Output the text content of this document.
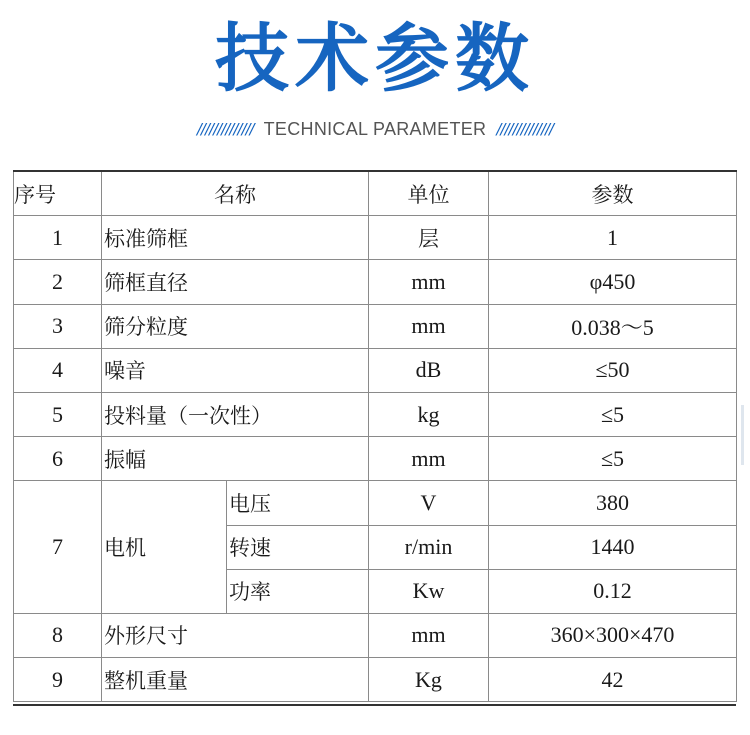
技术参数
////////////// TECHNICAL PARAMETER //////////////
序号	名称		单位	参数
1	标准筛框		层	1
2	筛框直径		mm	φ450
3	筛分粒度		mm	0.038～5
4	噪音		dB	≤50
5	投料量（一次性）		kg	≤5
6	振幅		mm	≤5
7	电机	电压	V	380
		转速	r/min	1440
		功率	Kw	0.12
8	外形尺寸		mm	360×300×470
9	整机重量		Kg	42
